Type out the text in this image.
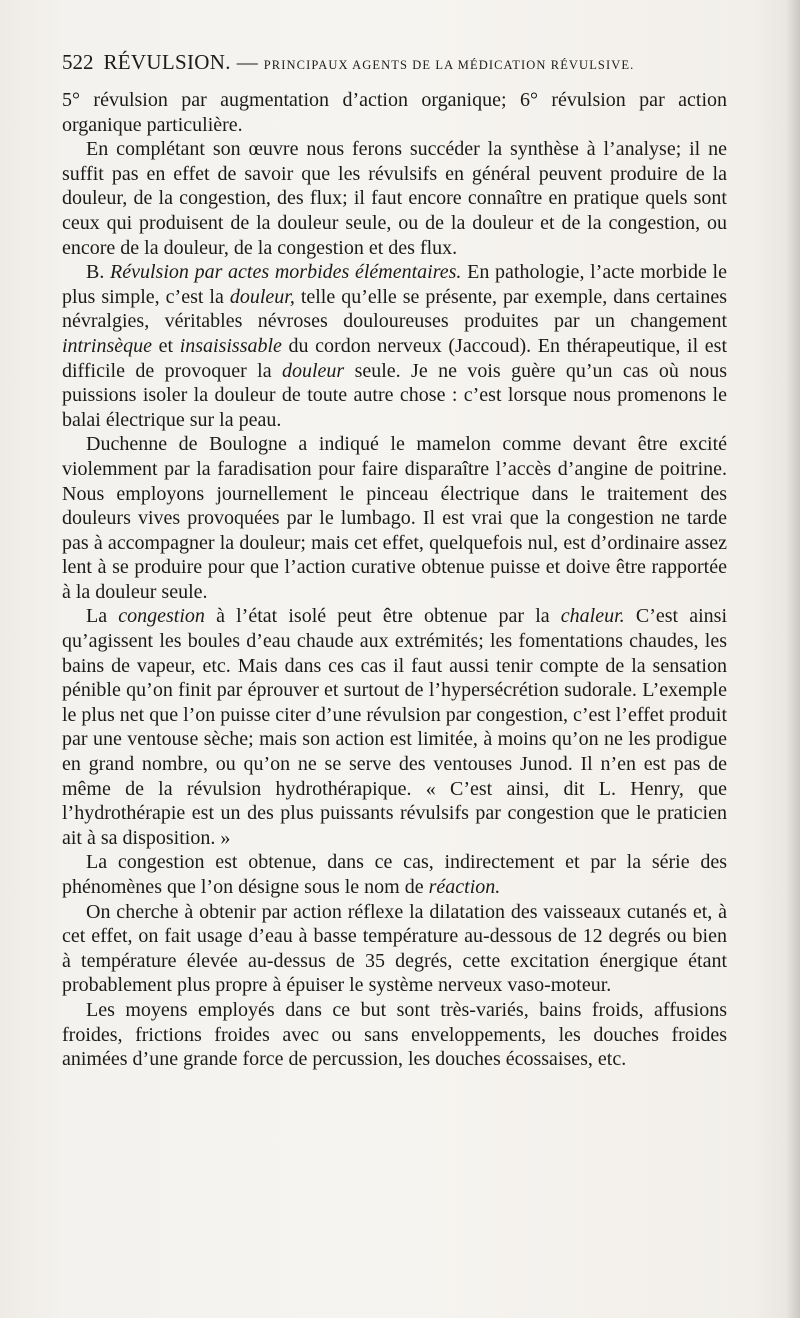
522 RÉVULSION. — PRINCIPAUX AGENTS DE LA MÉDICATION RÉVULSIVE.

5° révulsion par augmentation d’action organique; 6° révulsion par action organique particulière.

En complétant son œuvre nous ferons succéder la synthèse à l’analyse; il ne suffit pas en effet de savoir que les révulsifs en général peuvent produire de la douleur, de la congestion, des flux; il faut encore connaître en pratique quels sont ceux qui produisent de la douleur seule, ou de la douleur et de la congestion, ou encore de la douleur, de la congestion et des flux.

B. Révulsion par actes morbides élémentaires. En pathologie, l’acte morbide le plus simple, c’est la douleur, telle qu’elle se présente, par exemple, dans certaines névralgies, véritables névroses douloureuses produites par un changement intrinsèque et insaisissable du cordon nerveux (Jaccoud). En thérapeutique, il est difficile de provoquer la douleur seule. Je ne vois guère qu’un cas où nous puissions isoler la douleur de toute autre chose : c’est lorsque nous promenons le balai électrique sur la peau.

Duchenne de Boulogne a indiqué le mamelon comme devant être excité violemment par la faradisation pour faire disparaître l’accès d’angine de poitrine. Nous employons journellement le pinceau électrique dans le traitement des douleurs vives provoquées par le lumbago. Il est vrai que la congestion ne tarde pas à accompagner la douleur; mais cet effet, quelquefois nul, est d’ordinaire assez lent à se produire pour que l’action curative obtenue puisse et doive être rapportée à la douleur seule.

La congestion à l’état isolé peut être obtenue par la chaleur. C’est ainsi qu’agissent les boules d’eau chaude aux extrémités; les fomentations chaudes, les bains de vapeur, etc. Mais dans ces cas il faut aussi tenir compte de la sensation pénible qu’on finit par éprouver et surtout de l’hypersécrétion sudorale. L’exemple le plus net que l’on puisse citer d’une révulsion par congestion, c’est l’effet produit par une ventouse sèche; mais son action est limitée, à moins qu’on ne les prodigue en grand nombre, ou qu’on ne se serve des ventouses Junod. Il n’en est pas de même de la révulsion hydrothérapique. « C’est ainsi, dit L. Henry, que l’hydrothérapie est un des plus puissants révulsifs par congestion que le praticien ait à sa disposition. »

La congestion est obtenue, dans ce cas, indirectement et par la série des phénomènes que l’on désigne sous le nom de réaction.

On cherche à obtenir par action réflexe la dilatation des vaisseaux cutanés et, à cet effet, on fait usage d’eau à basse température au-dessous de 12 degrés ou bien à température élevée au-dessus de 35 degrés, cette excitation énergique étant probablement plus propre à épuiser le système nerveux vaso-moteur.

Les moyens employés dans ce but sont très-variés, bains froids, affusions froides, frictions froides avec ou sans enveloppements, les douches froides animées d’une grande force de percussion, les douches écossaises, etc.
